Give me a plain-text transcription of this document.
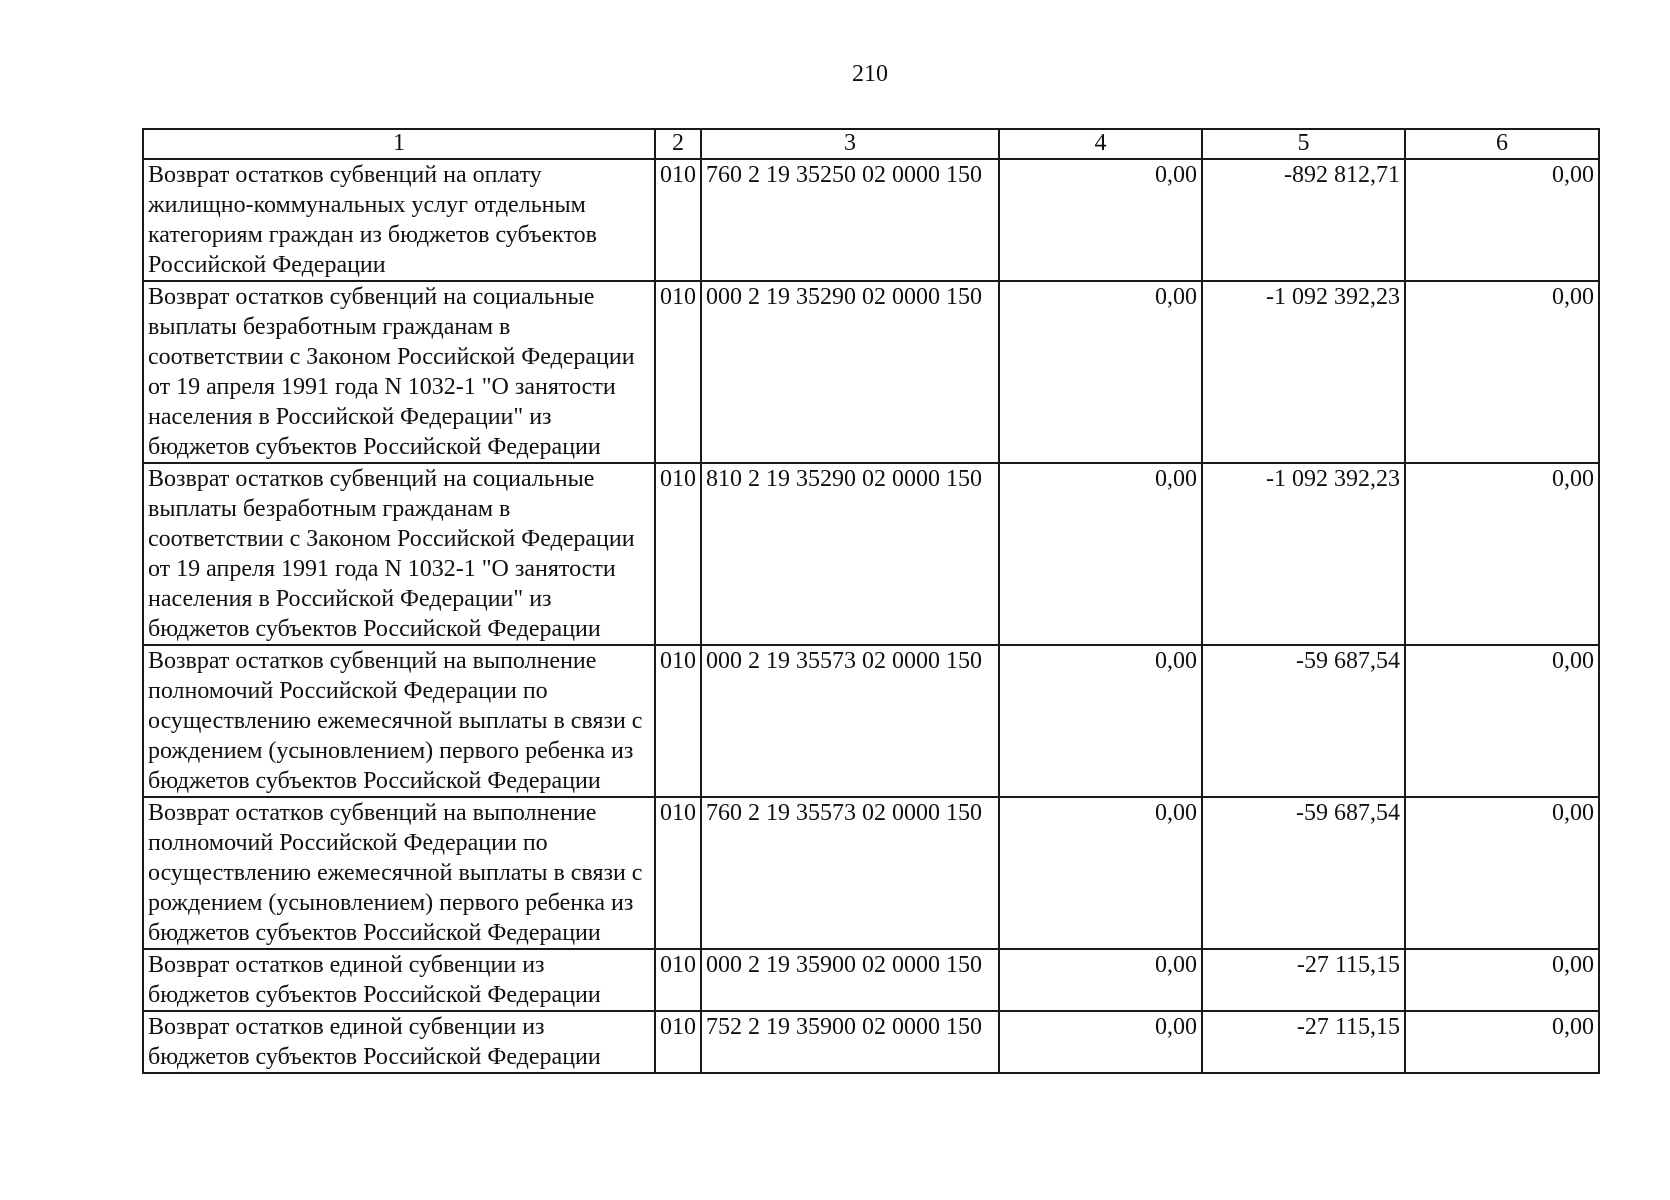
210
1	2	3	4	5	6
Возврат остатков субвенций на оплату жилищно-коммунальных услуг отдельным категориям граждан из бюджетов субъектов Российской Федерации	010	760 2 19 35250 02 0000 150	0,00	-892 812,71	0,00
Возврат остатков субвенций на социальные выплаты безработным гражданам в соответствии с Законом Российской Федерации от 19 апреля 1991 года N 1032-1 "О занятости населения в Российской Федерации" из бюджетов субъектов Российской Федерации	010	000 2 19 35290 02 0000 150	0,00	-1 092 392,23	0,00
Возврат остатков субвенций на социальные выплаты безработным гражданам в соответствии с Законом Российской Федерации от 19 апреля 1991 года N 1032-1 "О занятости населения в Российской Федерации" из бюджетов субъектов Российской Федерации	010	810 2 19 35290 02 0000 150	0,00	-1 092 392,23	0,00
Возврат остатков субвенций на выполнение полномочий Российской Федерации по осуществлению ежемесячной выплаты в связи с рождением (усыновлением) первого ребенка из бюджетов субъектов Российской Федерации	010	000 2 19 35573 02 0000 150	0,00	-59 687,54	0,00
Возврат остатков субвенций на выполнение полномочий Российской Федерации по осуществлению ежемесячной выплаты в связи с рождением (усыновлением) первого ребенка из бюджетов субъектов Российской Федерации	010	760 2 19 35573 02 0000 150	0,00	-59 687,54	0,00
Возврат остатков единой субвенции из бюджетов субъектов Российской Федерации	010	000 2 19 35900 02 0000 150	0,00	-27 115,15	0,00
Возврат остатков единой субвенции из бюджетов субъектов Российской Федерации	010	752 2 19 35900 02 0000 150	0,00	-27 115,15	0,00
